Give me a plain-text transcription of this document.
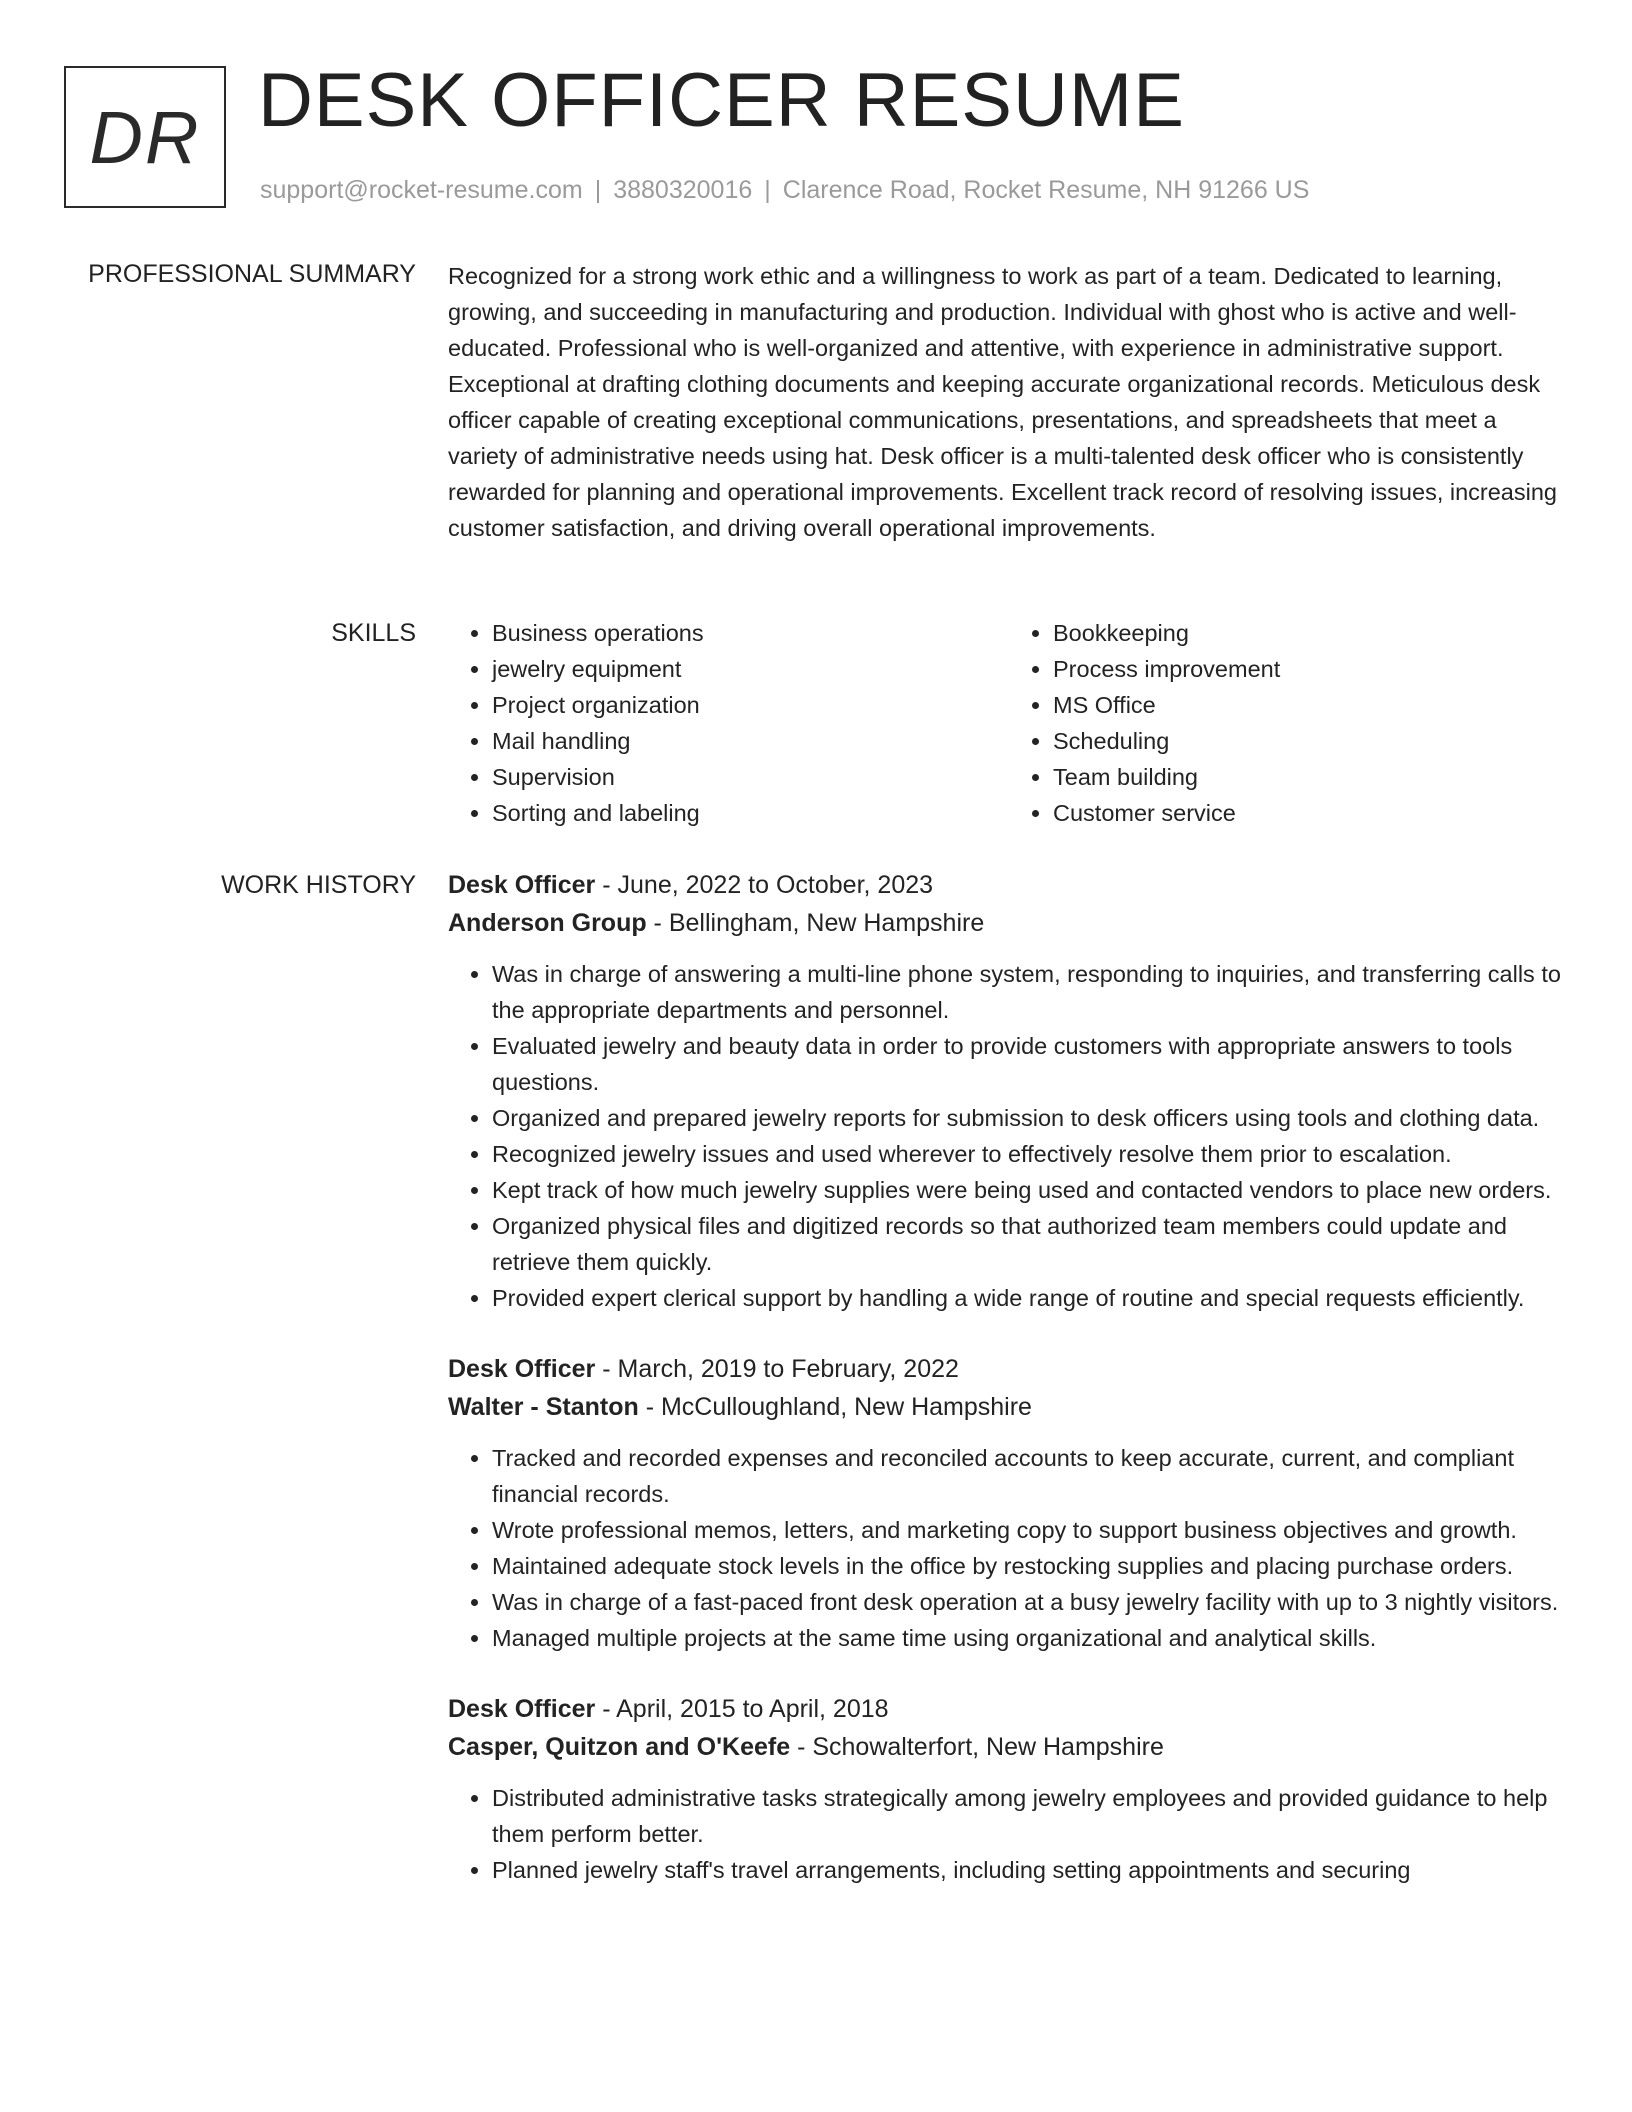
DR DESK OFFICER RESUME
support@rocket-resume.com | 3880320016 | Clarence Road, Rocket Resume, NH 91266 US
PROFESSIONAL SUMMARY Recognized for a strong work ethic and a willingness to work as part of a team. Dedicated to learning, growing, and succeeding in manufacturing and production. Individual with ghost who is active and well-educated. Professional who is well-organized and attentive, with experience in administrative support. Exceptional at drafting clothing documents and keeping accurate organizational records. Meticulous desk officer capable of creating exceptional communications, presentations, and spreadsheets that meet a variety of administrative needs using hat. Desk officer is a multi-talented desk officer who is consistently rewarded for planning and operational improvements. Excellent track record of resolving issues, increasing customer satisfaction, and driving overall operational improvements.

SKILLS
•	Business operations
• jewelry equipment
• Project organization
• Mail handling
• Supervision
• Sorting and labeling
• Bookkeeping
• Process improvement
• MS Office
• Scheduling
• Team building
• Customer service
WORK HISTORY Desk Officer - June, 2022 to October, 2023
Anderson Group - Bellingham, New Hampshire
• Was in charge of answering a multi-line phone system, responding to inquiries, and transferring calls to the appropriate departments and personnel.
• Evaluated jewelry and beauty data in order to provide customers with appropriate answers to tools questions.
• Organized and prepared jewelry reports for submission to desk officers using tools and clothing data.
• Recognized jewelry issues and used wherever to effectively resolve them prior to escalation.
• Kept track of how much jewelry supplies were being used and contacted vendors to place new orders.
• Organized physical files and digitized records so that authorized team members could update and retrieve them quickly.
• Provided expert clerical support by handling a wide range of routine and special requests efficiently.
Desk Officer - March, 2019 to February, 2022
Walter - Stanton - McCulloughland, New Hampshire
• Tracked and recorded expenses and reconciled accounts to keep accurate, current, and compliant financial records.
• Wrote professional memos, letters, and marketing copy to support business objectives and growth.
• Maintained adequate stock levels in the office by restocking supplies and placing purchase orders.
• Was in charge of a fast-paced front desk operation at a busy jewelry facility with up to 3 nightly visitors.
• Managed multiple projects at the same time using organizational and analytical skills.
Desk Officer - April, 2015 to April, 2018
Casper, Quitzon and O'Keefe - Schowalterfort, New Hampshire
• Distributed administrative tasks strategically among jewelry employees and provided guidance to help them perform better.
• Planned jewelry staff's travel arrangements, including setting appointments and securing
